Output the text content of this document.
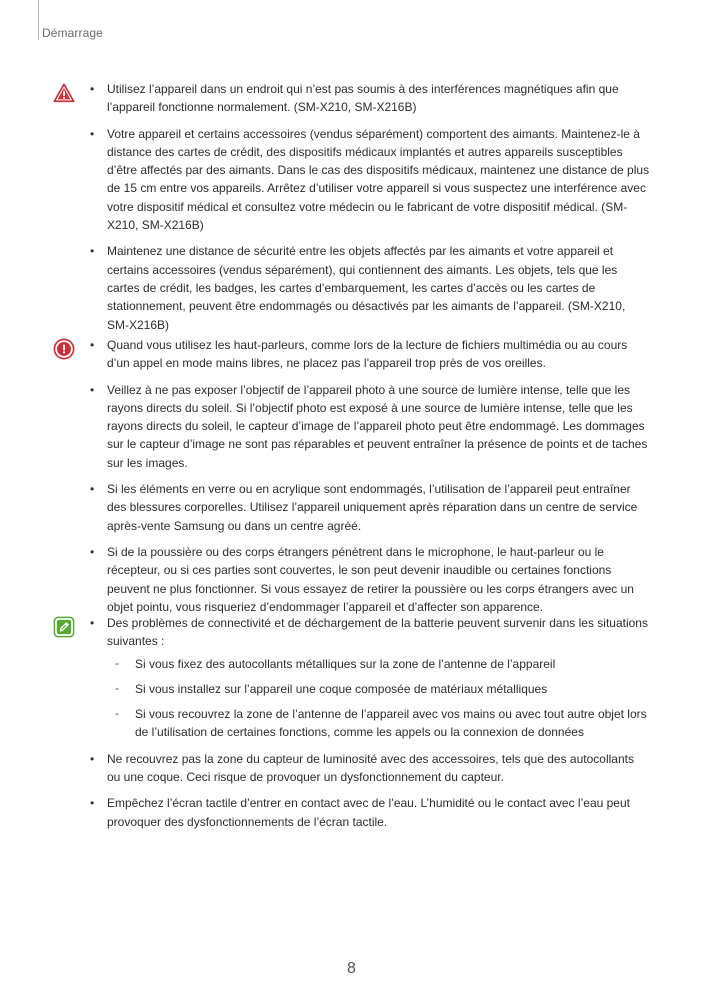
Démarrage
• Utilisez l’appareil dans un endroit qui n’est pas soumis à des interférences magnétiques afin que l’appareil fonctionne normalement. (SM-X210, SM-X216B)
• Votre appareil et certains accessoires (vendus séparément) comportent des aimants. Maintenez-le à distance des cartes de crédit, des dispositifs médicaux implantés et autres appareils susceptibles d’être affectés par des aimants. Dans le cas des dispositifs médicaux, maintenez une distance de plus de 15 cm entre vos appareils. Arrêtez d’utiliser votre appareil si vous suspectez une interférence avec votre dispositif médical et consultez votre médecin ou le fabricant de votre dispositif médical. (SM-X210, SM-X216B)
• Maintenez une distance de sécurité entre les objets affectés par les aimants et votre appareil et certains accessoires (vendus séparément), qui contiennent des aimants. Les objets, tels que les cartes de crédit, les badges, les cartes d’embarquement, les cartes d’accès ou les cartes de stationnement, peuvent être endommagés ou désactivés par les aimants de l’appareil. (SM-X210, SM-X216B)
• Quand vous utilisez les haut-parleurs, comme lors de la lecture de fichiers multimédia ou au cours d’un appel en mode mains libres, ne placez pas l’appareil trop près de vos oreilles.
• Veillez à ne pas exposer l’objectif de l’appareil photo à une source de lumière intense, telle que les rayons directs du soleil. Si l’objectif photo est exposé à une source de lumière intense, telle que les rayons directs du soleil, le capteur d’image de l’appareil photo peut être endommagé. Les dommages sur le capteur d’image ne sont pas réparables et peuvent entraîner la présence de points et de taches sur les images.
• Si les éléments en verre ou en acrylique sont endommagés, l’utilisation de l’appareil peut entraîner des blessures corporelles. Utilisez l’appareil uniquement après réparation dans un centre de service après-vente Samsung ou dans un centre agréé.
• Si de la poussière ou des corps étrangers pénètrent dans le microphone, le haut-parleur ou le récepteur, ou si ces parties sont couvertes, le son peut devenir inaudible ou certaines fonctions peuvent ne plus fonctionner. Si vous essayez de retirer la poussière ou les corps étrangers avec un objet pointu, vous risqueriez d’endommager l’appareil et d’affecter son apparence.
• Des problèmes de connectivité et de déchargement de la batterie peuvent survenir dans les situations suivantes :
- Si vous fixez des autocollants métalliques sur la zone de l’antenne de l’appareil
- Si vous installez sur l’appareil une coque composée de matériaux métalliques
- Si vous recouvrez la zone de l’antenne de l’appareil avec vos mains ou avec tout autre objet lors de l’utilisation de certaines fonctions, comme les appels ou la connexion de données
• Ne recouvrez pas la zone du capteur de luminosité avec des accessoires, tels que des autocollants ou une coque. Ceci risque de provoquer un dysfonctionnement du capteur.
• Empêchez l’écran tactile d’entrer en contact avec de l’eau. L’humidité ou le contact avec l’eau peut provoquer des dysfonctionnements de l’écran tactile.
8
